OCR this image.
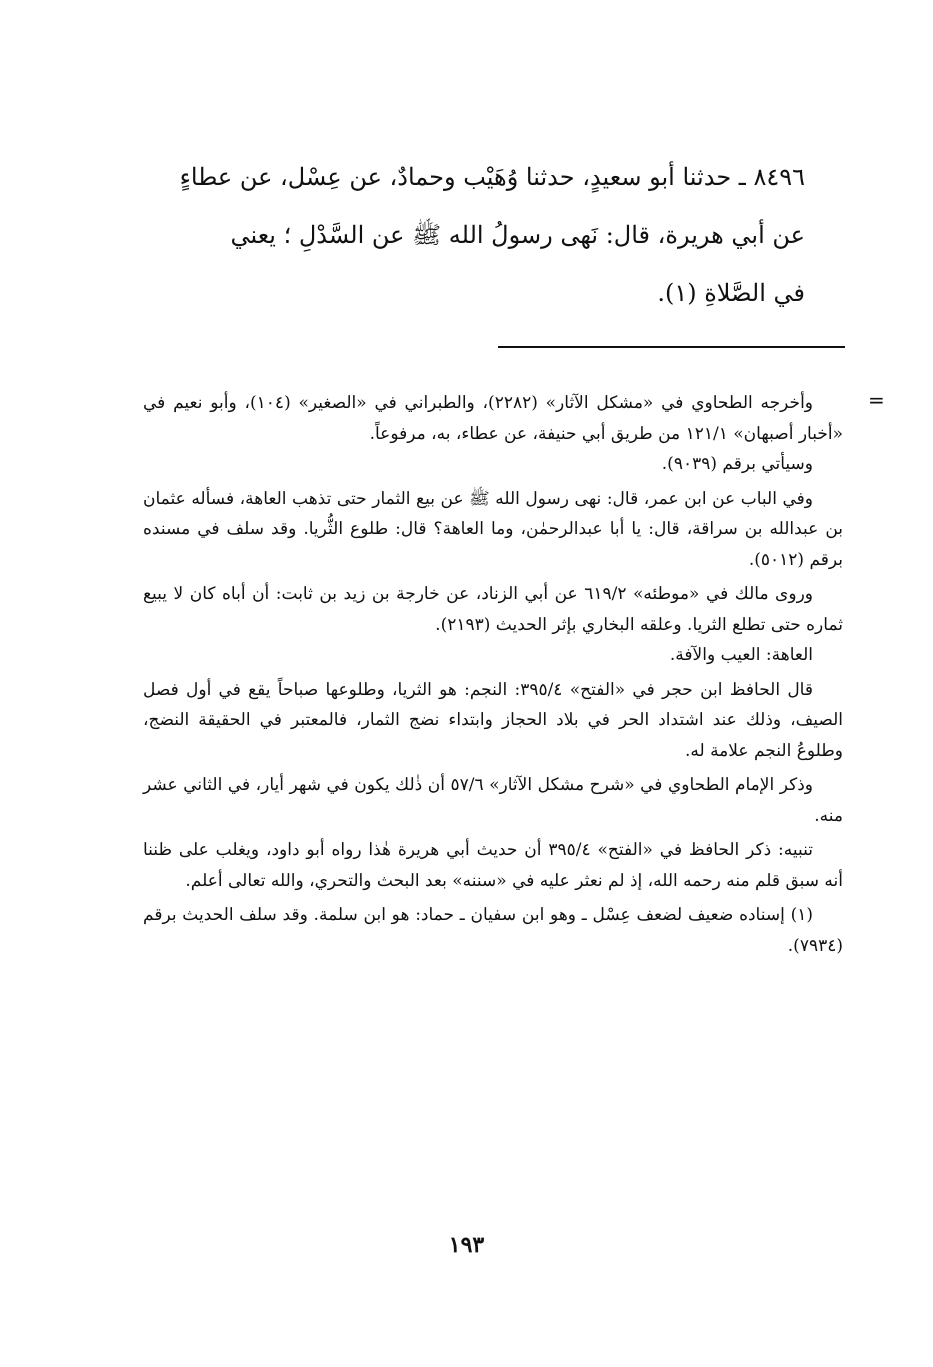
٨٤٩٦ ـ حدثنا أبو سعيدٍ، حدثنا وُهَيْب وحمادٌ، عن عِسْل، عن عطاءٍ

عن أبي هريرة، قال: نَهى رسولُ الله ﷺ عن السَّدْلِ ؛ يعني

في الصَّلاةِ (١).

=

وأخرجه الطحاوي في «مشكل الآثار» (٢٢٨٢)، والطبراني في «الصغير» (١٠٤)، وأبو نعيم في «أخبار أصبهان» ١٢١/١ من طريق أبي حنيفة، عن عطاء، به، مرفوعاً.

وسيأتي برقم (٩٠٣٩).

وفي الباب عن ابن عمر، قال: نهى رسول الله ﷺ عن بيع الثمار حتى تذهب العاهة، فسأله عثمان بن عبدالله بن سراقة، قال: يا أبا عبدالرحمٰن، وما العاهة؟ قال: طلوع الثُّريا. وقد سلف في مسنده برقم (٥٠١٢).

وروى مالك في «موطئه» ٦١٩/٢ عن أبي الزناد، عن خارجة بن زيد بن ثابت: أن أباه كان لا يبيع ثماره حتى تطلع الثريا. وعلقه البخاري بإثر الحديث (٢١٩٣).

العاهة: العيب والآفة.

قال الحافظ ابن حجر في «الفتح» ٣٩٥/٤: النجم: هو الثريا، وطلوعها صباحاً يقع في أول فصل الصيف، وذلك عند اشتداد الحر في بلاد الحجاز وابتداء نضج الثمار، فالمعتبر في الحقيقة النضج، وطلوعُ النجم علامة له.

وذكر الإمام الطحاوي في «شرح مشكل الآثار» ٥٧/٦ أن ذٰلك يكون في شهر أيار، في الثاني عشر منه.

تنبيه: ذكر الحافظ في «الفتح» ٣٩٥/٤ أن حديث أبي هريرة هٰذا رواه أبو داود، ويغلب على ظننا أنه سبق قلم منه رحمه الله، إذ لم نعثر عليه في «سننه» بعد البحث والتحري، والله تعالى أعلم.

(١) إسناده ضعيف لضعف عِسْل ـ وهو ابن سفيان ـ حماد: هو ابن سلمة. وقد سلف الحديث برقم (٧٩٣٤).

١٩٣
